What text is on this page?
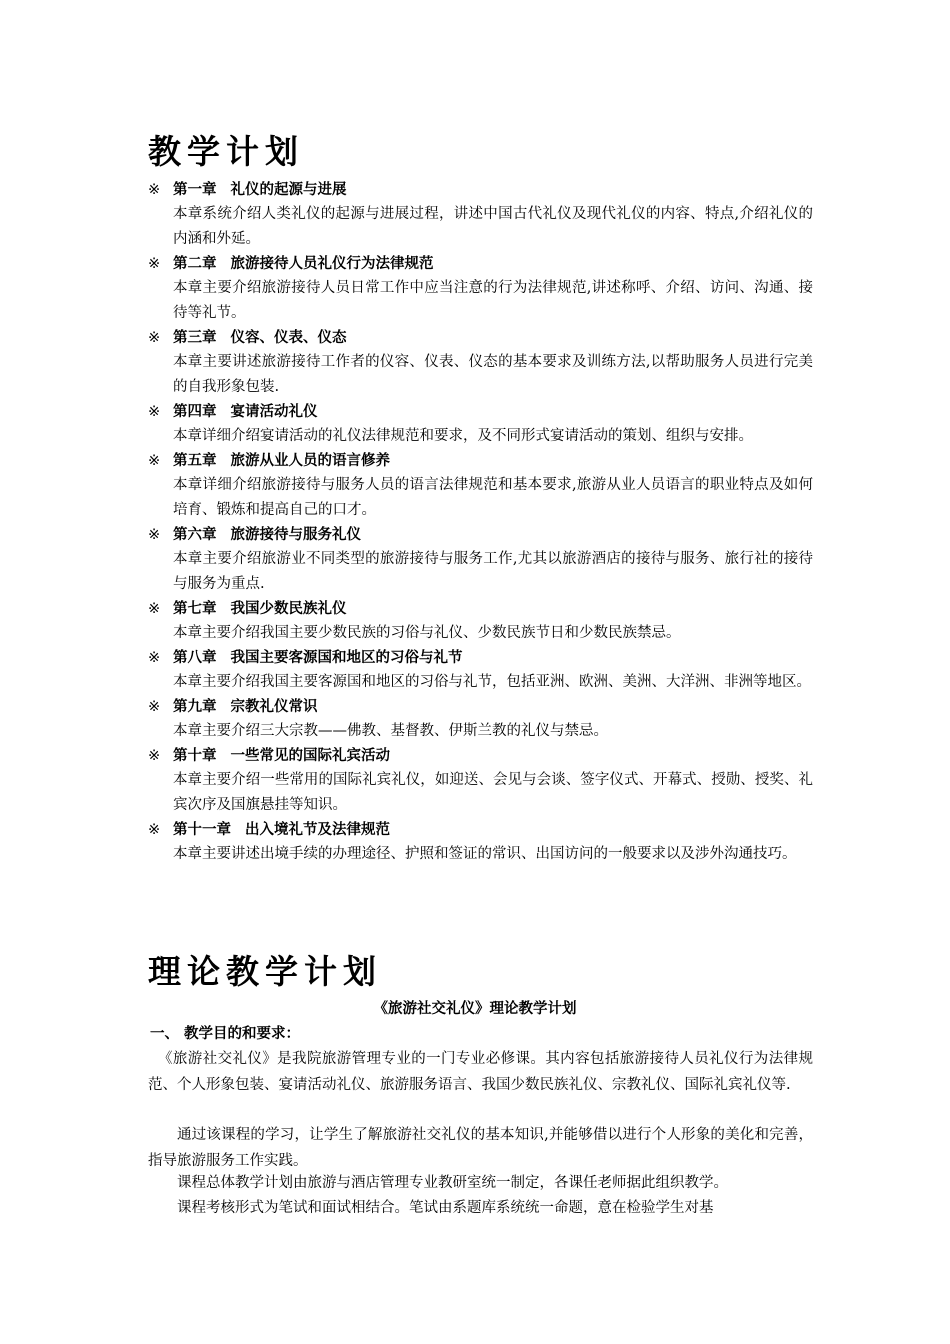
教学计划
※ 第一章 礼仪的起源与进展
本章系统介绍人类礼仪的起源与进展过程，讲述中国古代礼仪及现代礼仪的内容、特点,介绍礼仪的内涵和外延。
※ 第二章 旅游接待人员礼仪行为法律规范
本章主要介绍旅游接待人员日常工作中应当注意的行为法律规范,讲述称呼、介绍、访问、沟通、接待等礼节。
※ 第三章 仪容、仪表、仪态
本章主要讲述旅游接待工作者的仪容、仪表、仪态的基本要求及训练方法,以帮助服务人员进行完美的自我形象包装.
※ 第四章 宴请活动礼仪
本章详细介绍宴请活动的礼仪法律规范和要求，及不同形式宴请活动的策划、组织与安排。
※ 第五章 旅游从业人员的语言修养
本章详细介绍旅游接待与服务人员的语言法律规范和基本要求,旅游从业人员语言的职业特点及如何培育、锻炼和提高自己的口才。
※ 第六章 旅游接待与服务礼仪
本章主要介绍旅游业不同类型的旅游接待与服务工作,尤其以旅游酒店的接待与服务、旅行社的接待与服务为重点.
※ 第七章 我国少数民族礼仪
本章主要介绍我国主要少数民族的习俗与礼仪、少数民族节日和少数民族禁忌。
※ 第八章 我国主要客源国和地区的习俗与礼节
本章主要介绍我国主要客源国和地区的习俗与礼节，包括亚洲、欧洲、美洲、大洋洲、非洲等地区。
※ 第九章 宗教礼仪常识
本章主要介绍三大宗教——佛教、基督教、伊斯兰教的礼仪与禁忌。
※ 第十章 一些常见的国际礼宾活动
本章主要介绍一些常用的国际礼宾礼仪，如迎送、会见与会谈、签字仪式、开幕式、授勋、授奖、礼宾次序及国旗悬挂等知识。
※ 第十一章 出入境礼节及法律规范
本章主要讲述出境手续的办理途径、护照和签证的常识、出国访问的一般要求以及涉外沟通技巧。
理论教学计划
《旅游社交礼仪》理论教学计划
一、 教学目的和要求：
《旅游社交礼仪》是我院旅游管理专业的一门专业必修课。其内容包括旅游接待人员礼仪行为法律规范、个人形象包装、宴请活动礼仪、旅游服务语言、我国少数民族礼仪、宗教礼仪、国际礼宾礼仪等.
通过该课程的学习，让学生了解旅游社交礼仪的基本知识,并能够借以进行个人形象的美化和完善，指导旅游服务工作实践。
课程总体教学计划由旅游与酒店管理专业教研室统一制定，各课任老师据此组织教学。
课程考核形式为笔试和面试相结合。笔试由系题库系统统一命题，意在检验学生对基
